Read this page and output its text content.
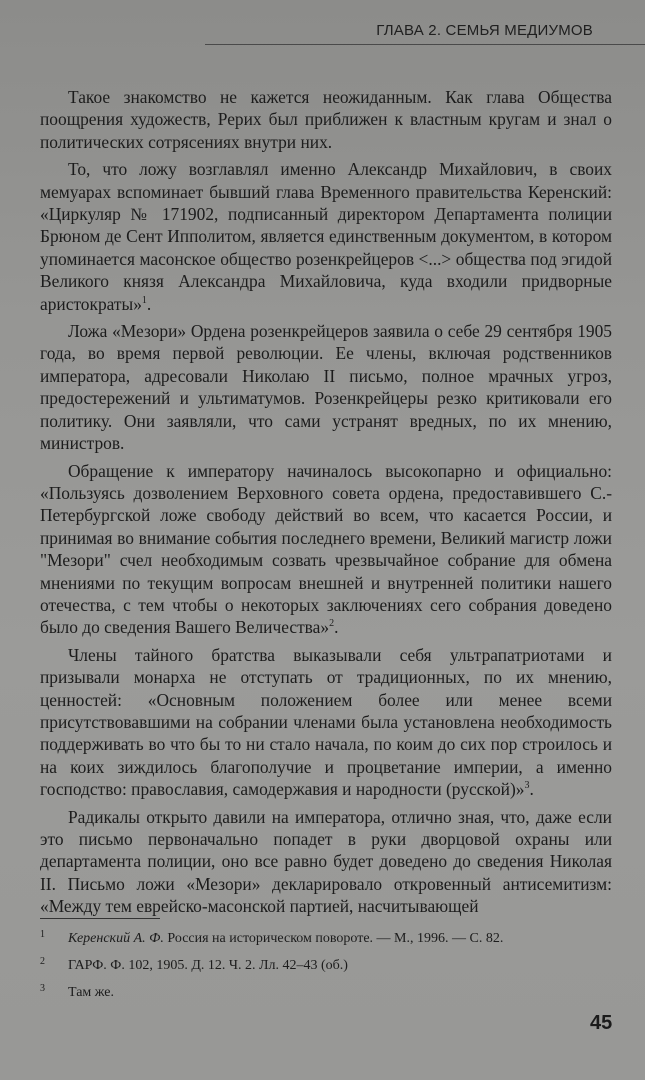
ГЛАВА 2. СЕМЬЯ МЕДИУМОВ

Такое знакомство не кажется неожиданным. Как глава Общества поощрения художеств, Рерих был приближен к властным кругам и знал о политических сотрясениях внутри них.

То, что ложу возглавлял именно Александр Михайлович, в своих мемуарах вспоминает бывший глава Временного правительства Керенский: «Циркуляр № 171902, подписанный директором Департамента полиции Брюном де Сент Ипполитом, является единственным документом, в котором упоминается масонское общество розенкрейцеров <...> общества под эгидой Великого князя Александра Михайловича, куда входили придворные аристократы»$^1$.

Ложа «Мезори» Ордена розенкрейцеров заявила о себе 29 сентября 1905 года, во время первой революции. Ее члены, включая родственников императора, адресовали Николаю II письмо, полное мрачных угроз, предостережений и ультиматумов. Розенкрейцеры резко критиковали его политику. Они заявляли, что сами устранят вредных, по их мнению, министров.

Обращение к императору начиналось высокопарно и официально: «Пользуясь дозволением Верховного совета ордена, предоставившего С.-Петербургской ложе свободу действий во всем, что касается России, и принимая во внимание события последнего времени, Великий магистр ложи "Мезори" счел необходимым созвать чрезвычайное собрание для обмена мнениями по текущим вопросам внешней и внутренней политики нашего отечества, с тем чтобы о некоторых заключениях сего собрания доведено было до сведения Вашего Величества»$^2$.

Члены тайного братства выказывали себя ультрапатриотами и призывали монарха не отступать от традиционных, по их мнению, ценностей: «Основным положением более или менее всеми присутствовавшими на собрании членами была установлена необходимость поддерживать во что бы то ни стало начала, по коим до сих пор строилось и на коих зиждилось благополучие и процветание империи, а именно господство: православия, самодержавия и народности (русской)»$^3$.

Радикалы открыто давили на императора, отлично зная, что, даже если это письмо первоначально попадет в руки дворцовой охраны или департамента полиции, оно все равно будет доведено до сведения Николая II. Письмо ложи «Мезори» декларировало откровенный антисемитизм: «Между тем еврейско-масонской партией, насчитывающей

1 Керенский А. Ф. Россия на историческом повороте. — М., 1996. — С. 82.
2 ГАРФ. Ф. 102, 1905. Д. 12. Ч. 2. Лл. 42–43 (об.)
3 Там же.
45
